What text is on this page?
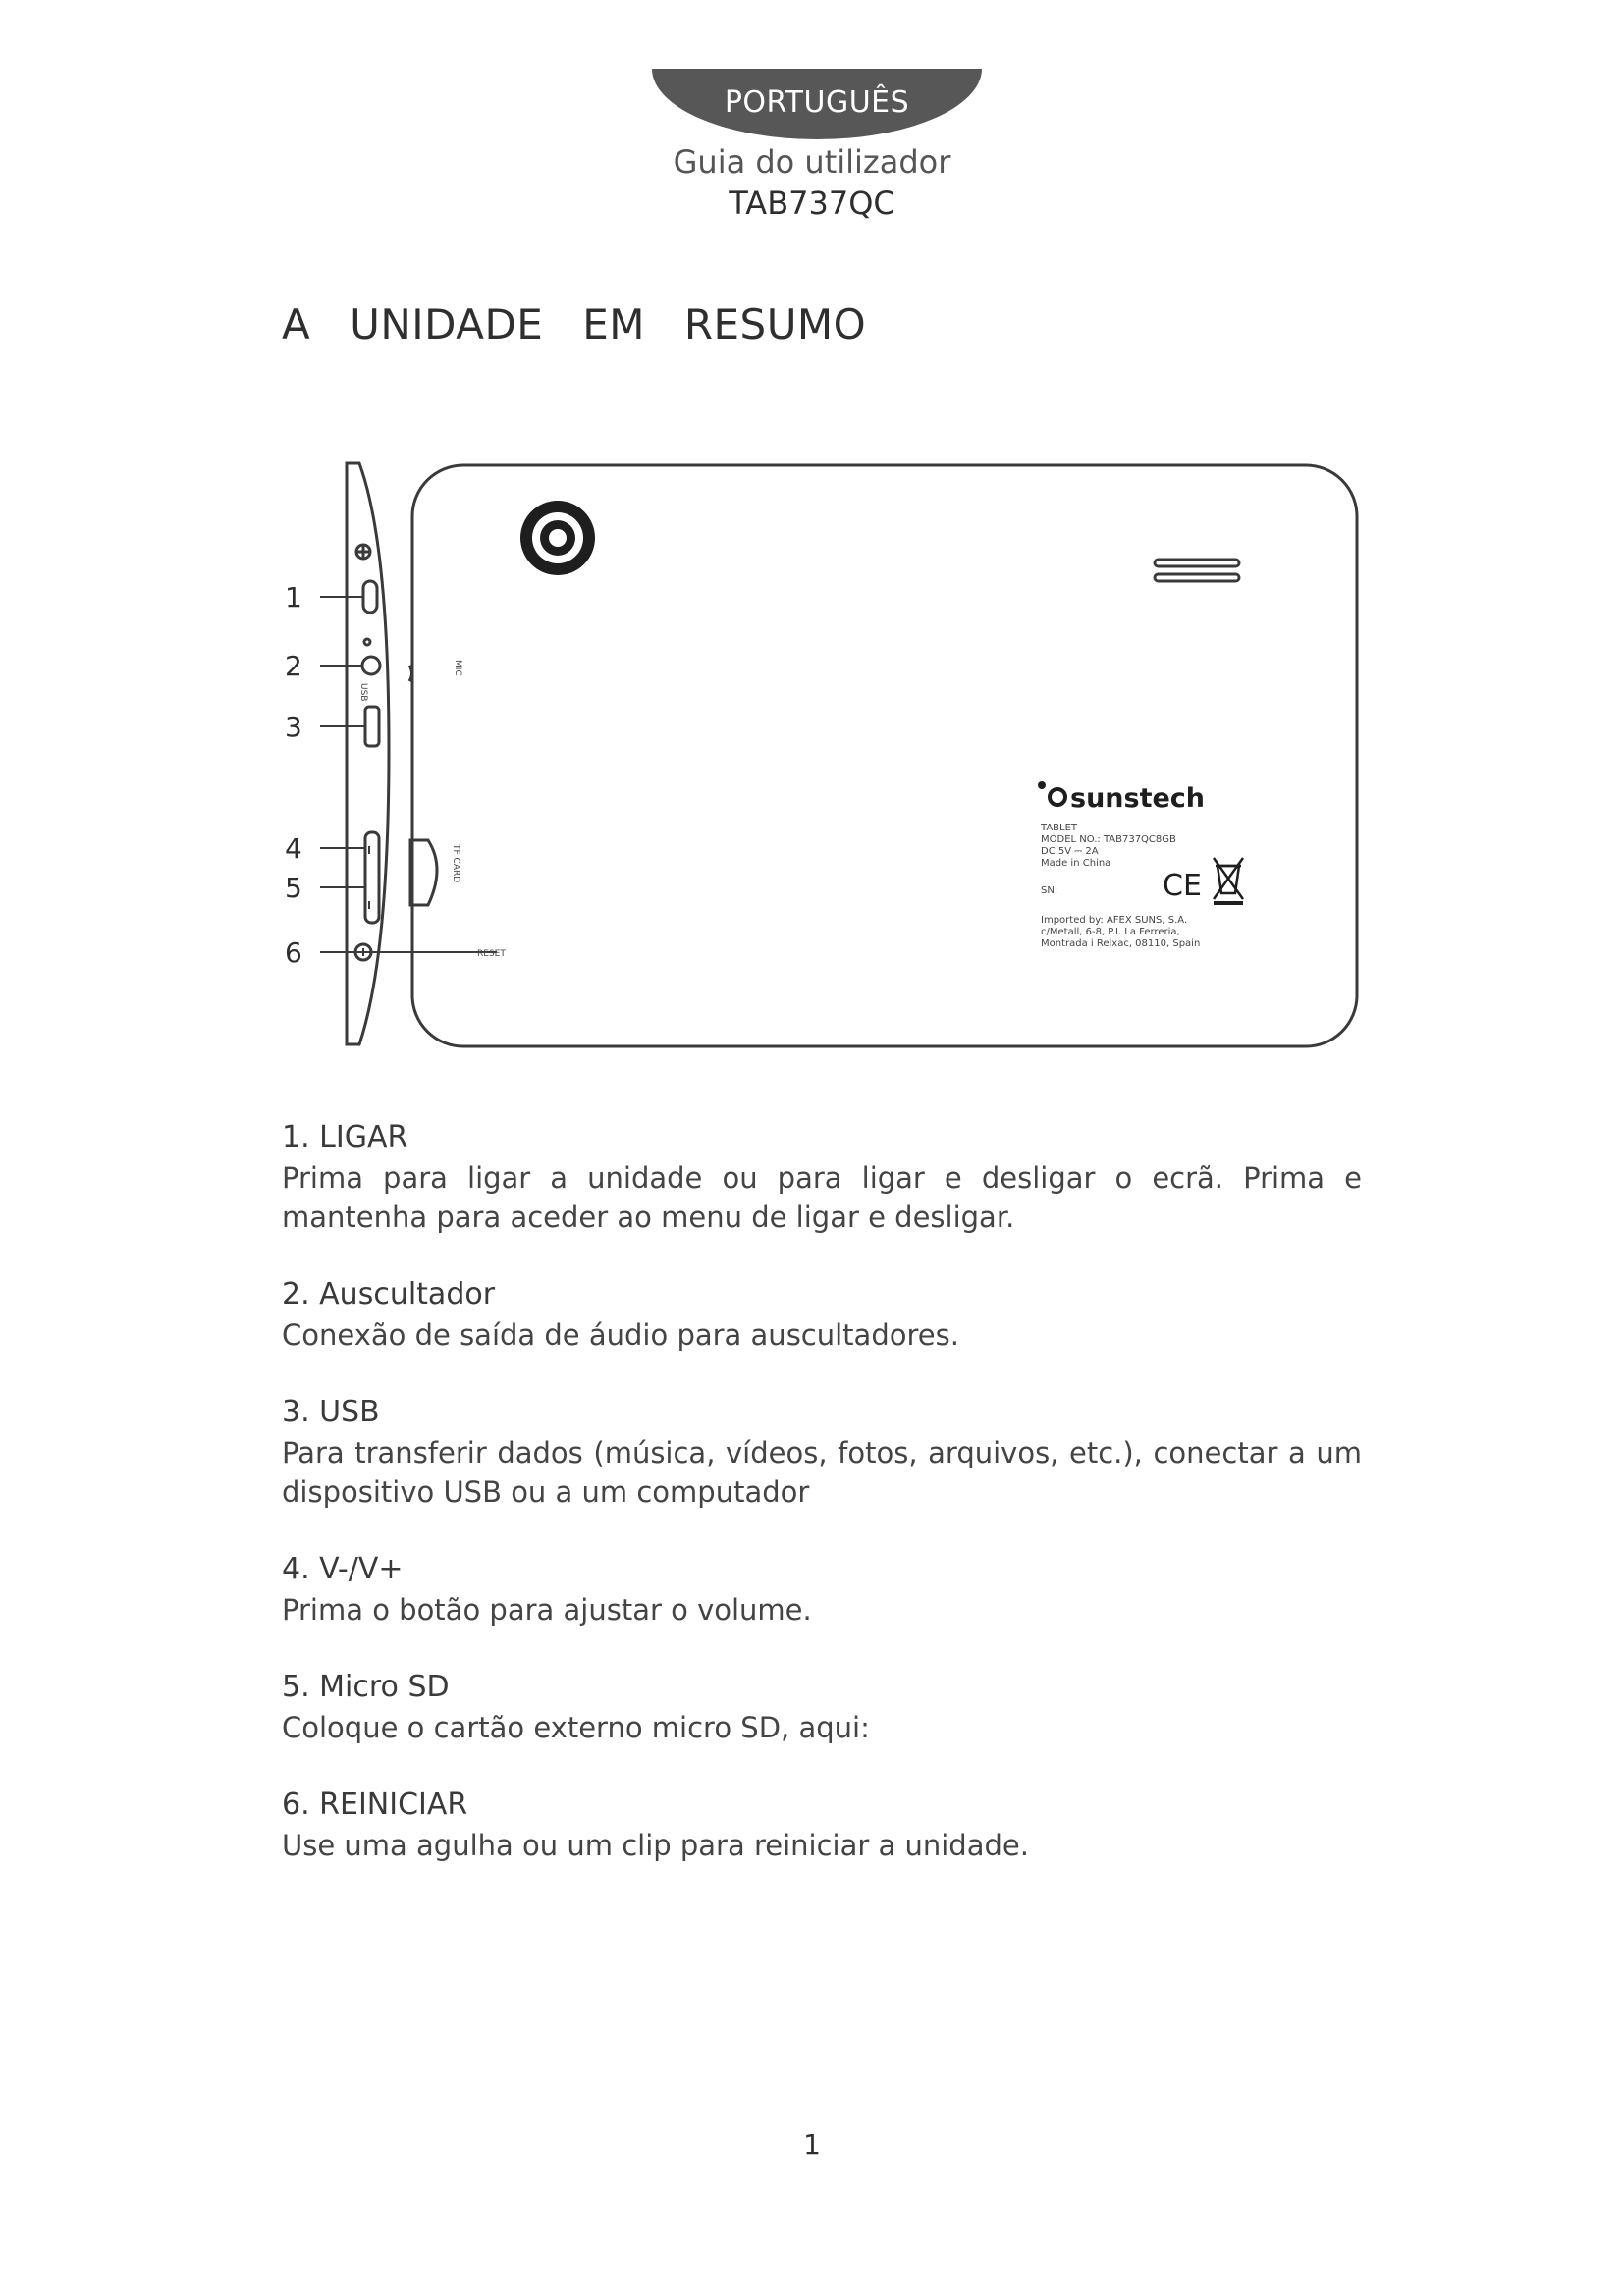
PORTUGUÊS
Guia do utilizador
TAB737QC
A UNIDADE EM RESUMO
1
2
3
4
5
6
MIC
USB
TF CARD
RESET
sunstech
TABLET
MODEL NO.: TAB737QC8GB
DC 5V ⎓ 2A
Made in China
SN:
Imported by: AFEX SUNS, S.A.
c/Metall, 6-8, P.I. La Ferreria,
Montrada i Reixac, 08110, Spain
CE
1. LIGAR
Prima para ligar a unidade ou para ligar e desligar o ecrã. Prima e mantenha para aceder ao menu de ligar e desligar.
2. Auscultador
Conexão de saída de áudio para auscultadores.
3. USB
Para transferir dados (música, vídeos, fotos, arquivos, etc.), conectar a um dispositivo USB ou a um computador
4. V-/V+
Prima o botão para ajustar o volume.
5. Micro SD
Coloque o cartão externo micro SD, aqui:
6. REINICIAR
Use uma agulha ou um clip para reiniciar a unidade.
1
